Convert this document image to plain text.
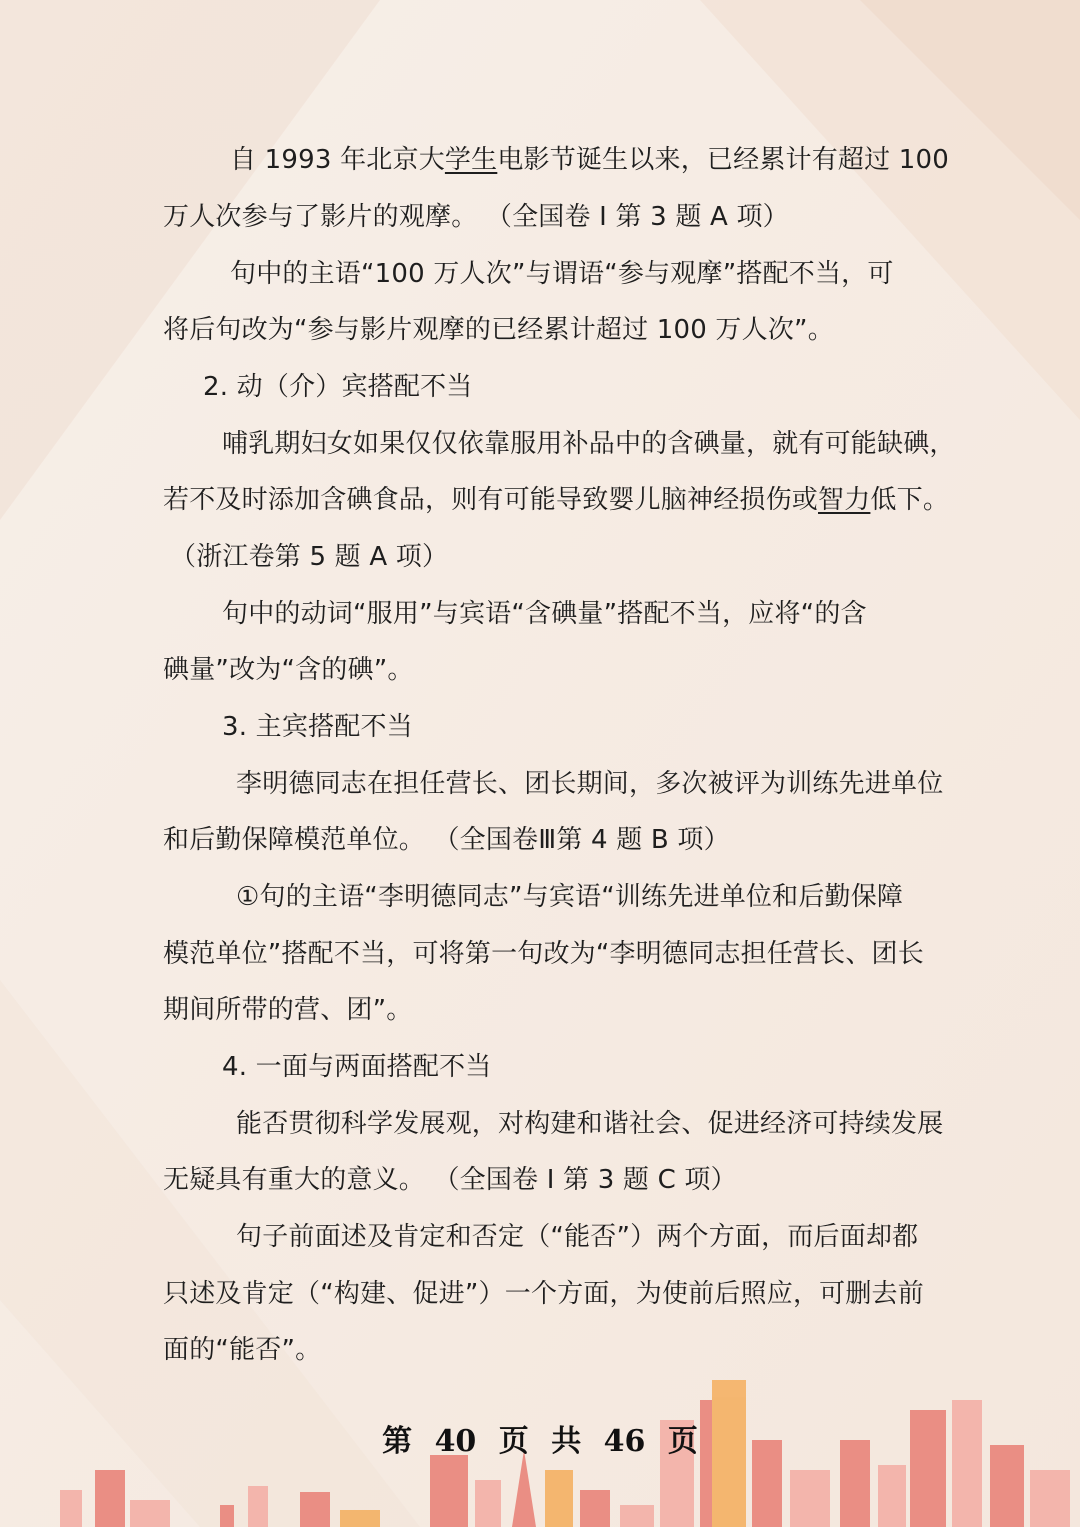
自 1993 年北京大学生电影节诞生以来，已经累计有超过 100
万人次参与了影片的观摩。 （全国卷 I 第 3 题 A 项）
句中的主语“100 万人次”与谓语“参与观摩”搭配不当，可
将后句改为“参与影片观摩的已经累计超过 100 万人次”。
2. 动（介）宾搭配不当
哺乳期妇女如果仅仅依靠服用补品中的含碘量，就有可能缺碘，
若不及时添加含碘食品，则有可能导致婴儿脑神经损伤或智力低下。
（浙江卷第 5 题 A 项）
句中的动词“服用”与宾语“含碘量”搭配不当，应将“的含
碘量”改为“含的碘”。
3. 主宾搭配不当
李明德同志在担任营长、团长期间，多次被评为训练先进单位
和后勤保障模范单位。 （全国卷Ⅲ第 4 题 B 项）
①句的主语“李明德同志”与宾语“训练先进单位和后勤保障
模范单位”搭配不当，可将第一句改为“李明德同志担任营长、团长
期间所带的营、团”。
4. 一面与两面搭配不当
能否贯彻科学发展观，对构建和谐社会、促进经济可持续发展
无疑具有重大的意义。 （全国卷 I 第 3 题 C 项）
句子前面述及肯定和否定（“能否”）两个方面，而后面却都
只述及肯定（“构建、促进”）一个方面，为使前后照应，可删去前
面的“能否”。
第 40 页 共 46 页
